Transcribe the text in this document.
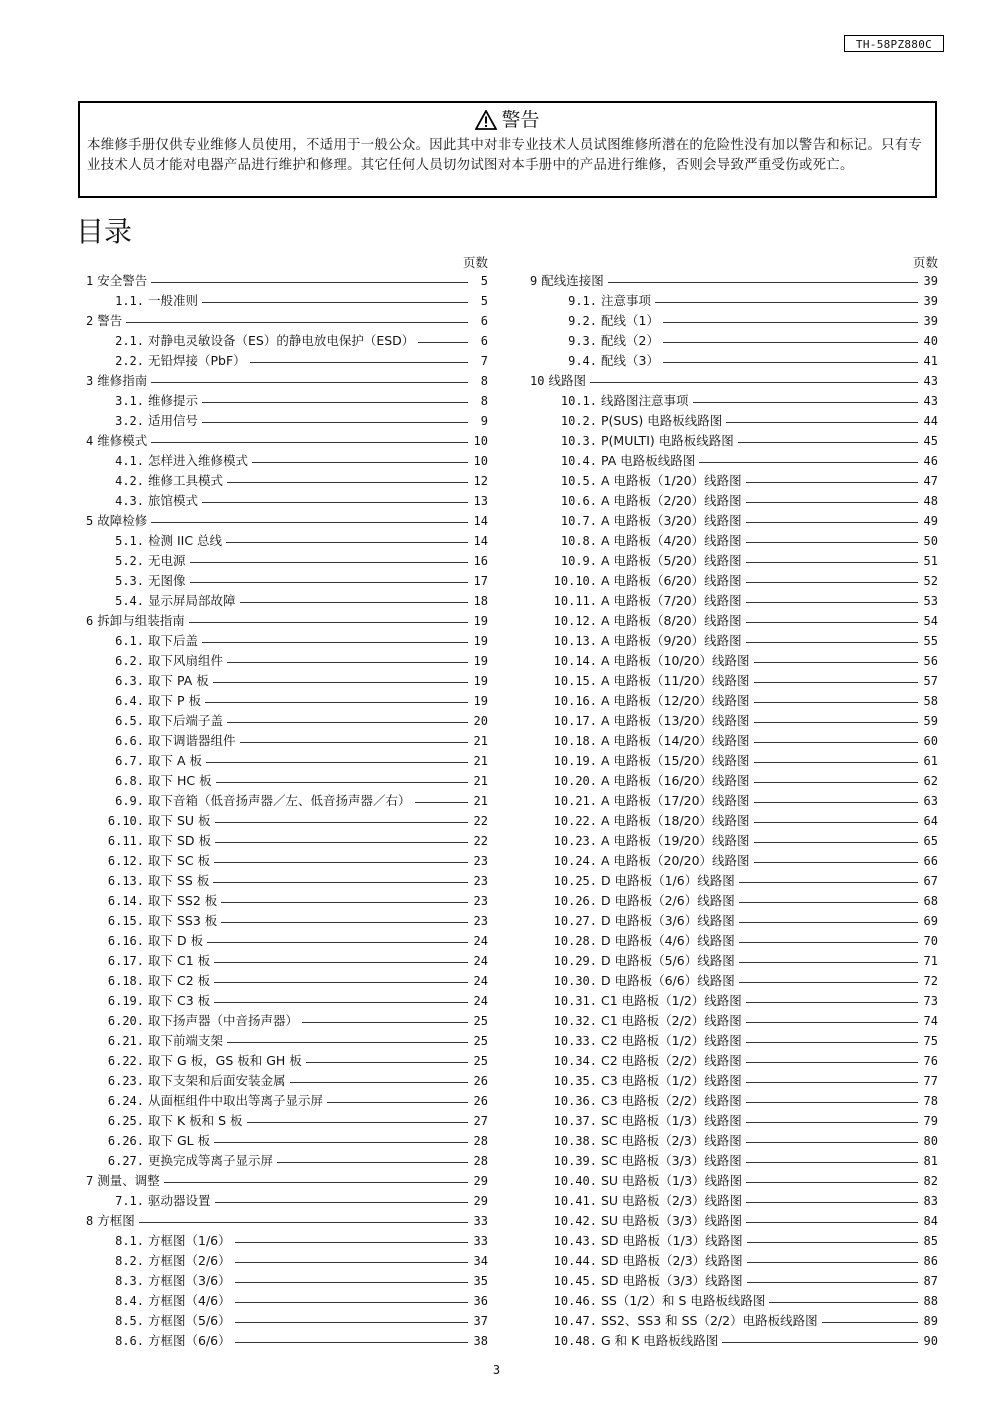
TH-58PZ880C
警告
本维修手册仅供专业维修人员使用，不适用于一般公众。因此其中对非专业技术人员试图维修所潜在的危险性没有加以警告和标记。只有专业技术人员才能对电器产品进行维护和修理。其它任何人员切勿试图对本手册中的产品进行维修，否则会导致严重受伤或死亡。
目录
页数
1 安全警告	5
1.1. 一般准则	5
2 警告	6
2.1. 对静电灵敏设备（ES）的静电放电保护（ESD）	6
2.2. 无铅焊接（PbF）	7
3 维修指南	8
3.1. 维修提示	8
3.2. 适用信号	9
4 维修模式	10
4.1. 怎样进入维修模式	10
4.2. 维修工具模式	12
4.3. 旅馆模式	13
5 故障检修	14
5.1. 检测 IIC 总线	14
5.2. 无电源	16
5.3. 无图像	17
5.4. 显示屏局部故障	18
6 拆卸与组装指南	19
6.1. 取下后盖	19
6.2. 取下风扇组件	19
6.3. 取下 PA 板	19
6.4. 取下 P 板	19
6.5. 取下后端子盖	20
6.6. 取下调谐器组件	21
6.7. 取下 A 板	21
6.8. 取下 HC 板	21
6.9. 取下音箱（低音扬声器／左、低音扬声器／右）	21
6.10. 取下 SU 板	22
6.11. 取下 SD 板	22
6.12. 取下 SC 板	23
6.13. 取下 SS 板	23
6.14. 取下 SS2 板	23
6.15. 取下 SS3 板	23
6.16. 取下 D 板	24
6.17. 取下 C1 板	24
6.18. 取下 C2 板	24
6.19. 取下 C3 板	24
6.20. 取下扬声器（中音扬声器）	25
6.21. 取下前端支架	25
6.22. 取下 G 板，GS 板和 GH 板	25
6.23. 取下支架和后面安装金属	26
6.24. 从面框组件中取出等离子显示屏	26
6.25. 取下 K 板和 S 板	27
6.26. 取下 GL 板	28
6.27. 更换完成等离子显示屏	28
7 测量、调整	29
7.1. 驱动器设置	29
8 方框图	33
8.1. 方框图（1/6）	33
8.2. 方框图（2/6）	34
8.3. 方框图（3/6）	35
8.4. 方框图（4/6）	36
8.5. 方框图（5/6）	37
8.6. 方框图（6/6）	38
页数
9 配线连接图	39
9.1. 注意事项	39
9.2. 配线（1）	39
9.3. 配线（2）	40
9.4. 配线（3）	41
10 线路图	43
10.1. 线路图注意事项	43
10.2. P(SUS) 电路板线路图	44
10.3. P(MULTI) 电路板线路图	45
10.4. PA 电路板线路图	46
10.5. A 电路板（1/20）线路图	47
10.6. A 电路板（2/20）线路图	48
10.7. A 电路板（3/20）线路图	49
10.8. A 电路板（4/20）线路图	50
10.9. A 电路板（5/20）线路图	51
10.10. A 电路板（6/20）线路图	52
10.11. A 电路板（7/20）线路图	53
10.12. A 电路板（8/20）线路图	54
10.13. A 电路板（9/20）线路图	55
10.14. A 电路板（10/20）线路图	56
10.15. A 电路板（11/20）线路图	57
10.16. A 电路板（12/20）线路图	58
10.17. A 电路板（13/20）线路图	59
10.18. A 电路板（14/20）线路图	60
10.19. A 电路板（15/20）线路图	61
10.20. A 电路板（16/20）线路图	62
10.21. A 电路板（17/20）线路图	63
10.22. A 电路板（18/20）线路图	64
10.23. A 电路板（19/20）线路图	65
10.24. A 电路板（20/20）线路图	66
10.25. D 电路板（1/6）线路图	67
10.26. D 电路板（2/6）线路图	68
10.27. D 电路板（3/6）线路图	69
10.28. D 电路板（4/6）线路图	70
10.29. D 电路板（5/6）线路图	71
10.30. D 电路板（6/6）线路图	72
10.31. C1 电路板（1/2）线路图	73
10.32. C1 电路板（2/2）线路图	74
10.33. C2 电路板（1/2）线路图	75
10.34. C2 电路板（2/2）线路图	76
10.35. C3 电路板（1/2）线路图	77
10.36. C3 电路板（2/2）线路图	78
10.37. SC 电路板（1/3）线路图	79
10.38. SC 电路板（2/3）线路图	80
10.39. SC 电路板（3/3）线路图	81
10.40. SU 电路板（1/3）线路图	82
10.41. SU 电路板（2/3）线路图	83
10.42. SU 电路板（3/3）线路图	84
10.43. SD 电路板（1/3）线路图	85
10.44. SD 电路板（2/3）线路图	86
10.45. SD 电路板（3/3）线路图	87
10.46. SS（1/2）和 S 电路板线路图	88
10.47. SS2、SS3 和 SS（2/2）电路板线路图	89
10.48. G 和 K 电路板线路图	90
3
